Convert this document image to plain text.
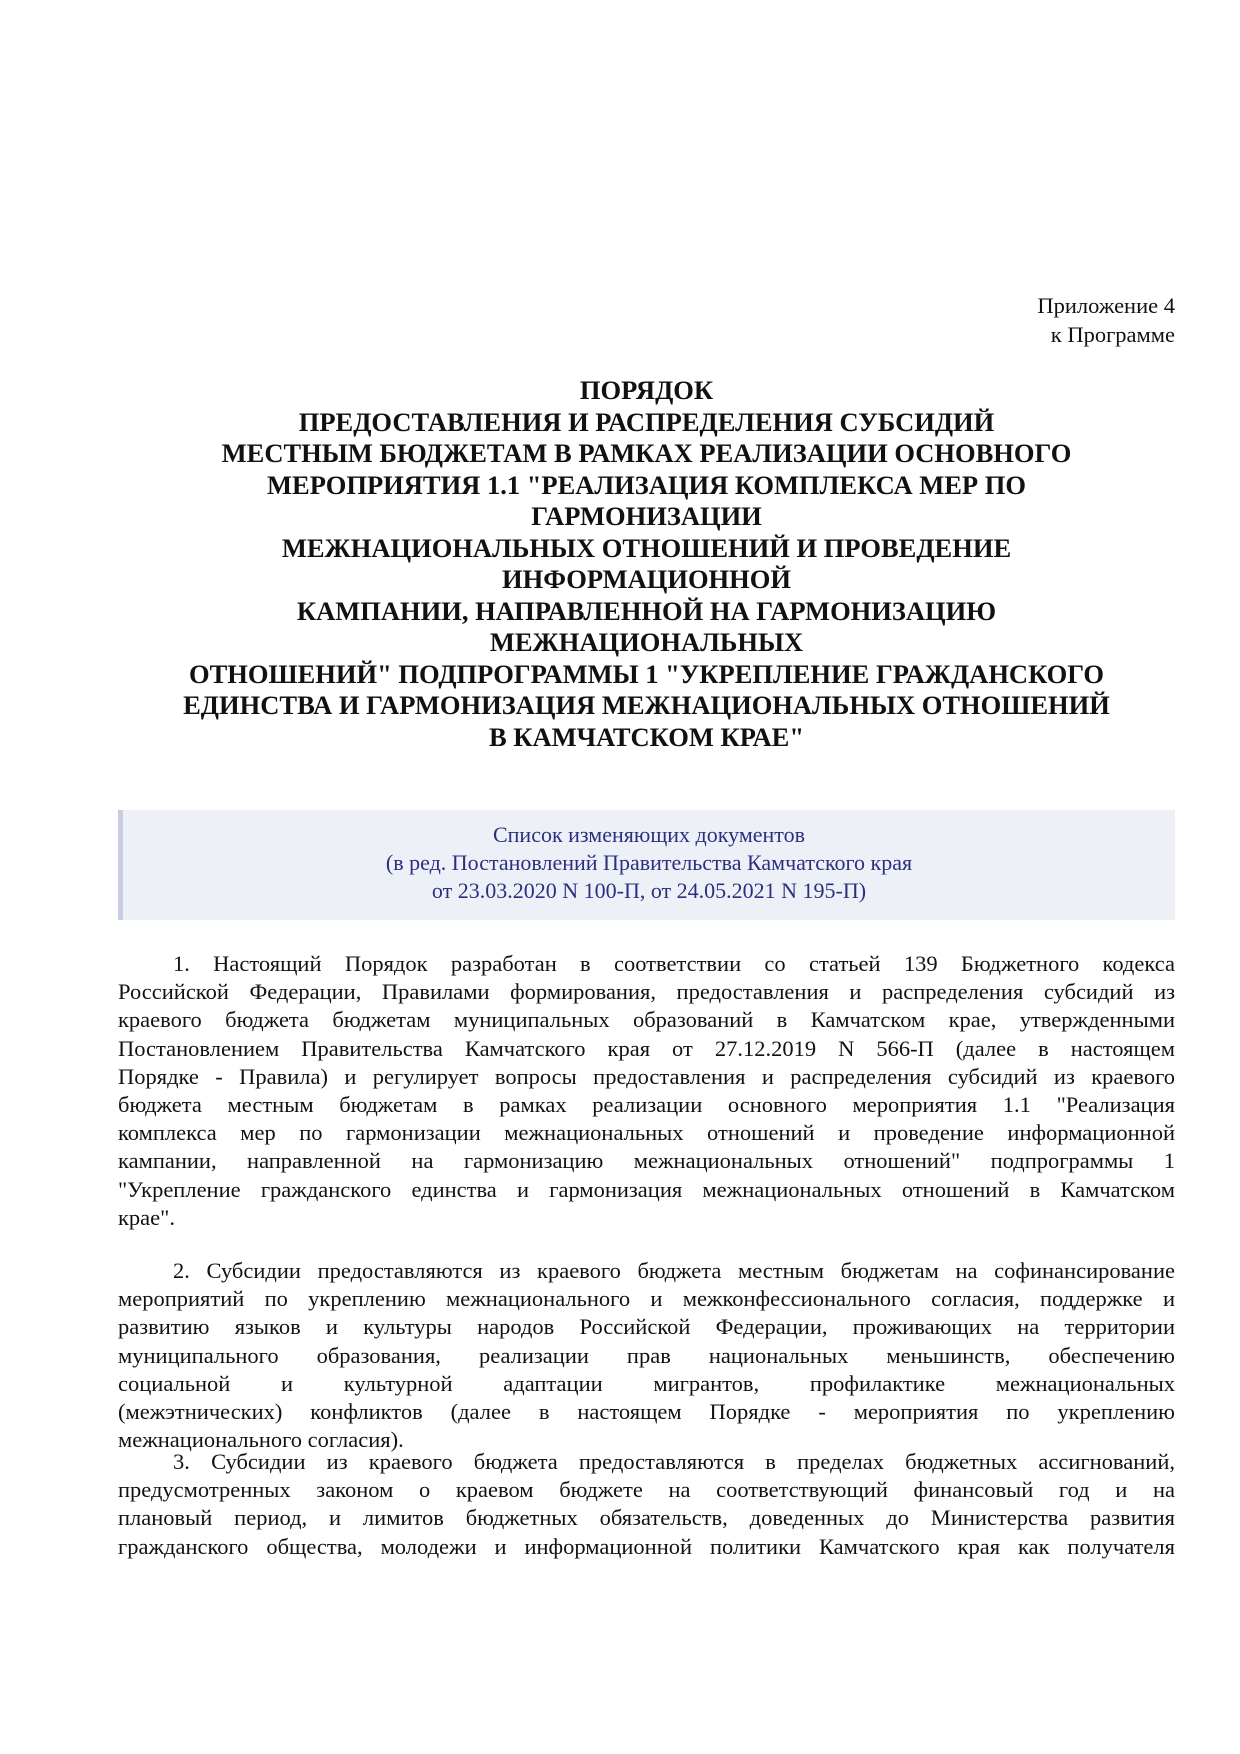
Приложение 4
к Программе
ПОРЯДОК
ПРЕДОСТАВЛЕНИЯ И РАСПРЕДЕЛЕНИЯ СУБСИДИЙ
МЕСТНЫМ БЮДЖЕТАМ В РАМКАХ РЕАЛИЗАЦИИ ОСНОВНОГО
МЕРОПРИЯТИЯ 1.1 "РЕАЛИЗАЦИЯ КОМПЛЕКСА МЕР ПО
ГАРМОНИЗАЦИИ
МЕЖНАЦИОНАЛЬНЫХ ОТНОШЕНИЙ И ПРОВЕДЕНИЕ
ИНФОРМАЦИОННОЙ
КАМПАНИИ, НАПРАВЛЕННОЙ НА ГАРМОНИЗАЦИЮ
МЕЖНАЦИОНАЛЬНЫХ
ОТНОШЕНИЙ" ПОДПРОГРАММЫ 1 "УКРЕПЛЕНИЕ ГРАЖДАНСКОГО
ЕДИНСТВА И ГАРМОНИЗАЦИЯ МЕЖНАЦИОНАЛЬНЫХ ОТНОШЕНИЙ
В КАМЧАТСКОМ КРАЕ"
Список изменяющих документов
(в ред. Постановлений Правительства Камчатского края
от 23.03.2020 N 100-П, от 24.05.2021 N 195-П)
1. Настоящий Порядок разработан в соответствии со статьей 139 Бюджетного кодекса
Российской Федерации, Правилами формирования, предоставления и распределения субсидий из
краевого бюджета бюджетам муниципальных образований в Камчатском крае, утвержденными
Постановлением Правительства Камчатского края от 27.12.2019 N 566-П (далее в настоящем
Порядке - Правила) и регулирует вопросы предоставления и распределения субсидий из краевого
бюджета местным бюджетам в рамках реализации основного мероприятия 1.1 "Реализация
комплекса мер по гармонизации межнациональных отношений и проведение информационной
кампании, направленной на гармонизацию межнациональных отношений" подпрограммы 1
"Укрепление гражданского единства и гармонизация межнациональных отношений в Камчатском
крае".
2. Субсидии предоставляются из краевого бюджета местным бюджетам на софинансирование
мероприятий по укреплению межнационального и межконфессионального согласия, поддержке и
развитию языков и культуры народов Российской Федерации, проживающих на территории
муниципального образования, реализации прав национальных меньшинств, обеспечению
социальной и культурной адаптации мигрантов, профилактике межнациональных
(межэтнических) конфликтов (далее в настоящем Порядке - мероприятия по укреплению
межнационального согласия).
3. Субсидии из краевого бюджета предоставляются в пределах бюджетных ассигнований,
предусмотренных законом о краевом бюджете на соответствующий финансовый год и на
плановый период, и лимитов бюджетных обязательств, доведенных до Министерства развития
гражданского общества, молодежи и информационной политики Камчатского края как получателя
